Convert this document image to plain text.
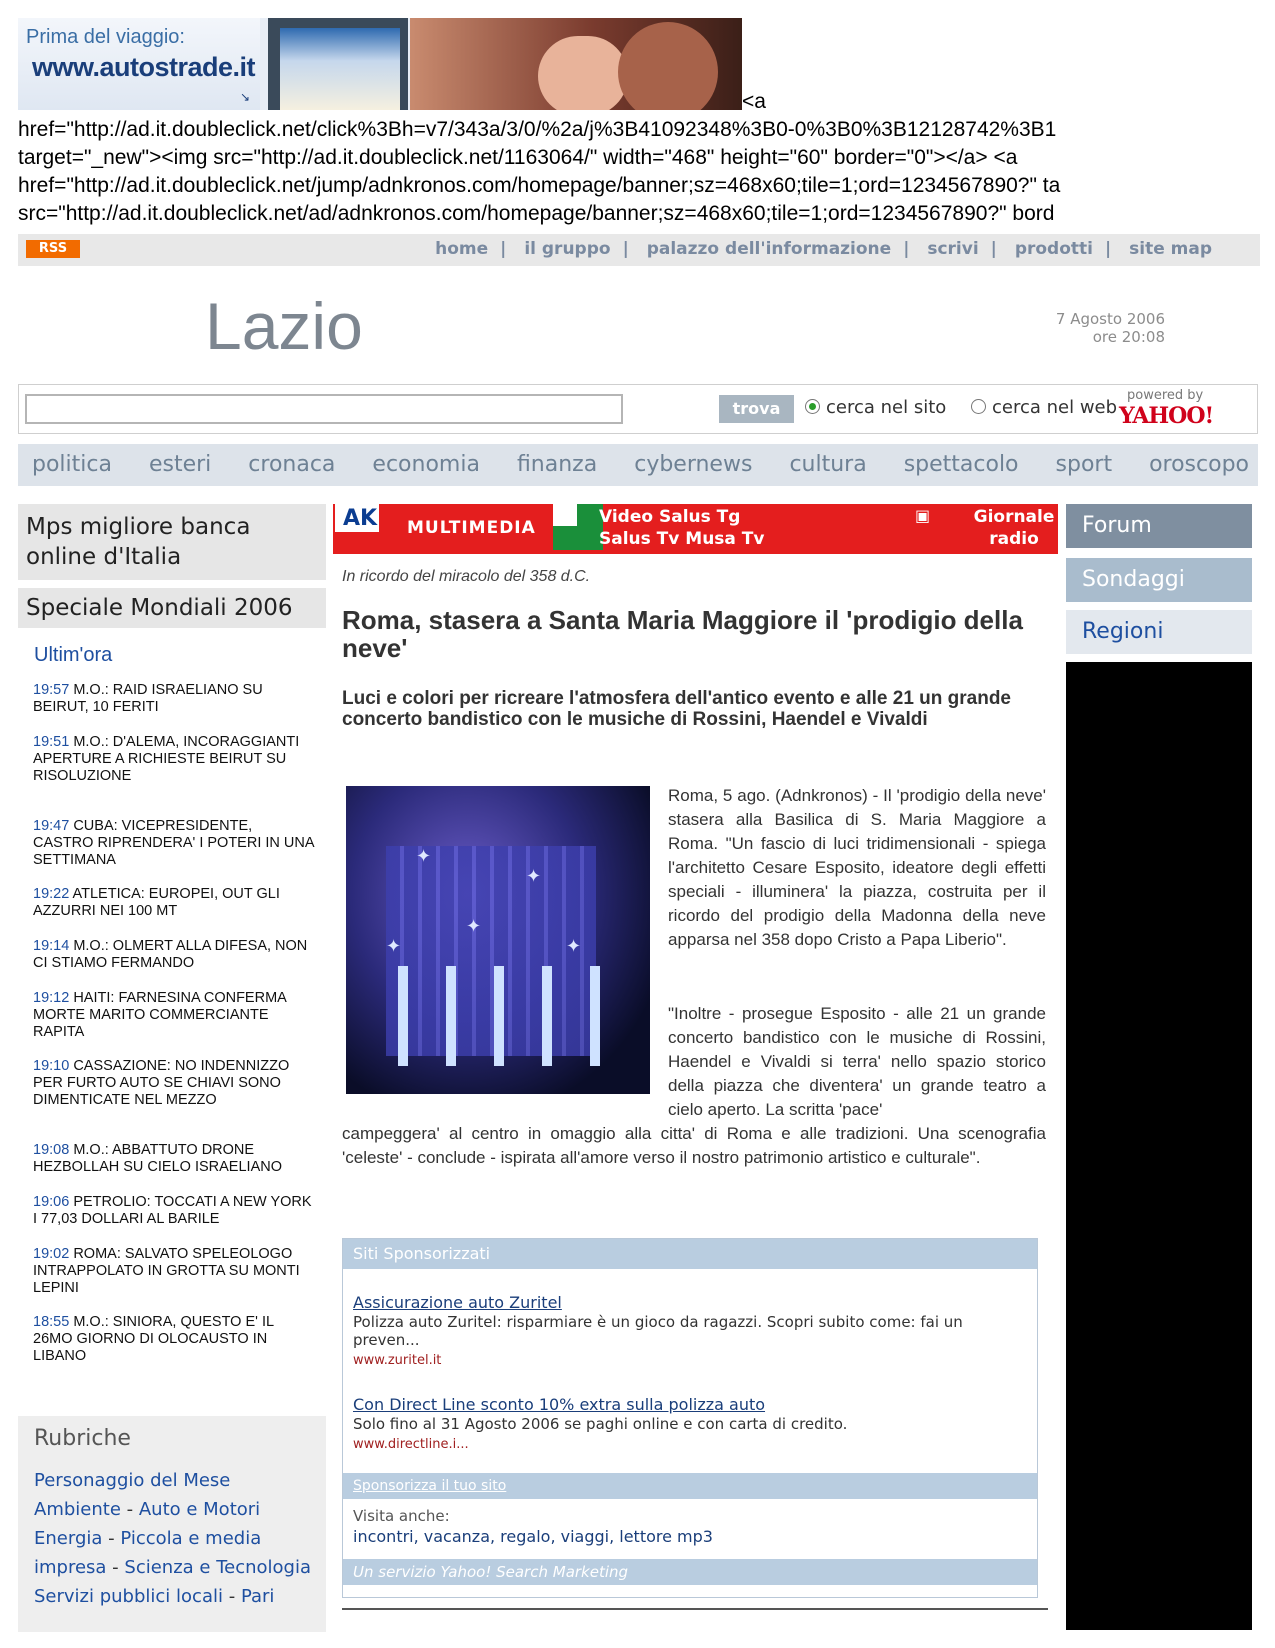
Prima del viaggio:
www.autostrade.it
↘	<a
href="http://ad.it.doubleclick.net/click%3Bh=v7/343a/3/0/%2a/j%3B41092348%3B0-0%3B0%3B12128742%3B1
target="_new"><img src="http://ad.it.doubleclick.net/1163064/" width="468" height="60" border="0"></a> <a
href="http://ad.it.doubleclick.net/jump/adnkronos.com/homepage/banner;sz=468x60;tile=1;ord=1234567890?" ta
src="http://ad.it.doubleclick.net/ad/adnkronos.com/homepage/banner;sz=468x60;tile=1;ord=1234567890?" bord
RSS	home | il gruppo | palazzo dell'informazione | scrivi | prodotti | site map
Lazio	7 Agosto 2006
ore 20:08
trova	cerca nel sito	cerca nel web
powered by
YAHOO!
politica esteri cronaca economia finanza cybernews cultura spettacolo sport oroscopo
Mps migliore banca online d'Italia
Speciale Mondiali 2006
Ultim'ora
19:57 M.O.: RAID ISRAELIANO SU BEIRUT, 10 FERITI
19:51 M.O.: D'ALEMA, INCORAGGIANTI APERTURE A RICHIESTE BEIRUT SU RISOLUZIONE
19:47 CUBA: VICEPRESIDENTE, CASTRO RIPRENDERA' I POTERI IN UNA SETTIMANA
19:22 ATLETICA: EUROPEI, OUT GLI AZZURRI NEI 100 MT
19:14 M.O.: OLMERT ALLA DIFESA, NON CI STIAMO FERMANDO
19:12 HAITI: FARNESINA CONFERMA MORTE MARITO COMMERCIANTE RAPITA
19:10 CASSAZIONE: NO INDENNIZZO PER FURTO AUTO SE CHIAVI SONO DIMENTICATE NEL MEZZO
19:08 M.O.: ABBATTUTO DRONE HEZBOLLAH SU CIELO ISRAELIANO
19:06 PETROLIO: TOCCATI A NEW YORK I 77,03 DOLLARI AL BARILE
19:02 ROMA: SALVATO SPELEOLOGO INTRAPPOLATO IN GROTTA SU MONTI LEPINI
18:55 M.O.: SINIORA, QUESTO E' IL 26MO GIORNO DI OLOCAUSTO IN LIBANO
Rubriche
Personaggio del Mese
Ambiente - Auto e Motori
Energia - Piccola e media
impresa - Scienza e Tecnologia
Servizi pubblici locali - Pari
AK MULTIMEDIA
▣ Video Salus Tg
Salus Tv Musa Tv
▣	Giornale radio
In ricordo del miracolo del 358 d.C.
Roma, stasera a Santa Maria Maggiore il 'prodigio della neve'
Luci e colori per ricreare l'atmosfera dell'antico evento e alle 21 un grande concerto bandistico con le musiche di Rossini, Haendel e Vivaldi
✦
✦
✦
✦
✦
Roma, 5 ago. (Adnkronos) - Il 'prodigio della neve' stasera alla Basilica di S. Maria Maggiore a Roma. "Un fascio di luci tridimensionali - spiega l'architetto Cesare Esposito, ideatore degli effetti speciali - illuminera' la piazza, costruita per il ricordo del prodigio della Madonna della neve apparsa nel 358 dopo Cristo a Papa Liberio".
"Inoltre - prosegue Esposito - alle 21 un grande concerto bandistico con le musiche di Rossini, Haendel e Vivaldi si terra' nello spazio storico della piazza che diventera' un grande teatro a cielo aperto. La scritta 'pace'
campeggera' al centro in omaggio alla citta' di Roma e alle tradizioni. Una scenografia 'celeste' - conclude - ispirata all'amore verso il nostro patrimonio artistico e culturale".
Siti Sponsorizzati
Assicurazione auto Zuritel
Polizza auto Zuritel: risparmiare è un gioco da ragazzi. Scopri subito come: fai un preven...
www.zuritel.it
Con Direct Line sconto 10% extra sulla polizza auto
Solo fino al 31 Agosto 2006 se paghi online e con carta di credito.
www.directline.i...
Sponsorizza il tuo sito
Visita anche:
incontri, vacanza, regalo, viaggi, lettore mp3
Un servizio Yahoo! Search Marketing
Forum
Sondaggi
Regioni
